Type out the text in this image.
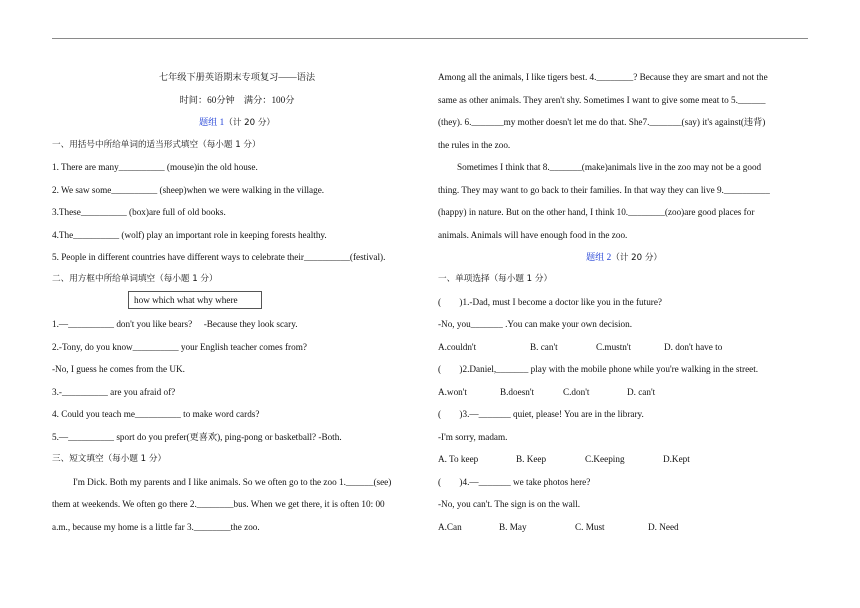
七年级下册英语期末专项复习——语法
时间：60分钟　满分：100分
题组 1（计 20 分）
一、用括号中所给单词的适当形式填空（每小题 1 分）
1. There are many__________ (mouse)in the old house.
2. We saw some__________ (sheep)when we were walking in the village.
3.These__________ (box)are full of old books.
4.The__________ (wolf) play an important role in keeping forests healthy.
5. People in different countries have different ways to celebrate their__________(festival).
二、用方框中所给单词填空（每小题 1 分）
how which what why where
1.—__________ don't you like bears?　 -Because they look scary.
2.-Tony, do you know__________ your English teacher comes from?
-No, I guess he comes from the UK.
3.-__________ are you afraid of?
4. Could you teach me__________ to make word cards?
5.—__________ sport do you prefer(更喜欢), ping-pong or basketball? -Both.
三、短文填空（每小题 1 分）
I'm Dick. Both my parents and I like animals. So we often go to the zoo 1.______(see)
them at weekends. We often go there 2.________bus. When we get there, it is often 10: 00
a.m., because my home is a little far 3.________the zoo.
Among all the animals, I like tigers best. 4.________? Because they are smart and not the
same as other animals. They aren't shy. Sometimes I want to give some meat to 5.______
(they). 6._______my mother doesn't let me do that. She7._______(say) it's against(违背)
the rules in the zoo.
Sometimes I think that 8._______(make)animals live in the zoo may not be a good
thing. They may want to go back to their families. In that way they can live 9.__________
(happy) in nature. But on the other hand, I think 10.________(zoo)are good places for
animals. Animals will have enough food in the zoo.
题组 2（计 20 分）
一、单项选择（每小题 1 分）
(　　)1.-Dad, must I become a doctor like you in the future?
-No, you_______ .You can make your own decision.
A.couldn't	B. can't	C.mustn't	D. don't have to
(　　)2.Daniel,_______ play with the mobile phone while you're walking in the street.
A.won't	B.doesn't	C.don't	D. can't
(　　)3.—_______ quiet, please! You are in the library.
-I'm sorry, madam.
A. To keep	B. Keep	C.Keeping	D.Kept
(　　)4.—_______ we take photos here?
-No, you can't. The sign is on the wall.
A.Can	B. May	C. Must	D. Need
